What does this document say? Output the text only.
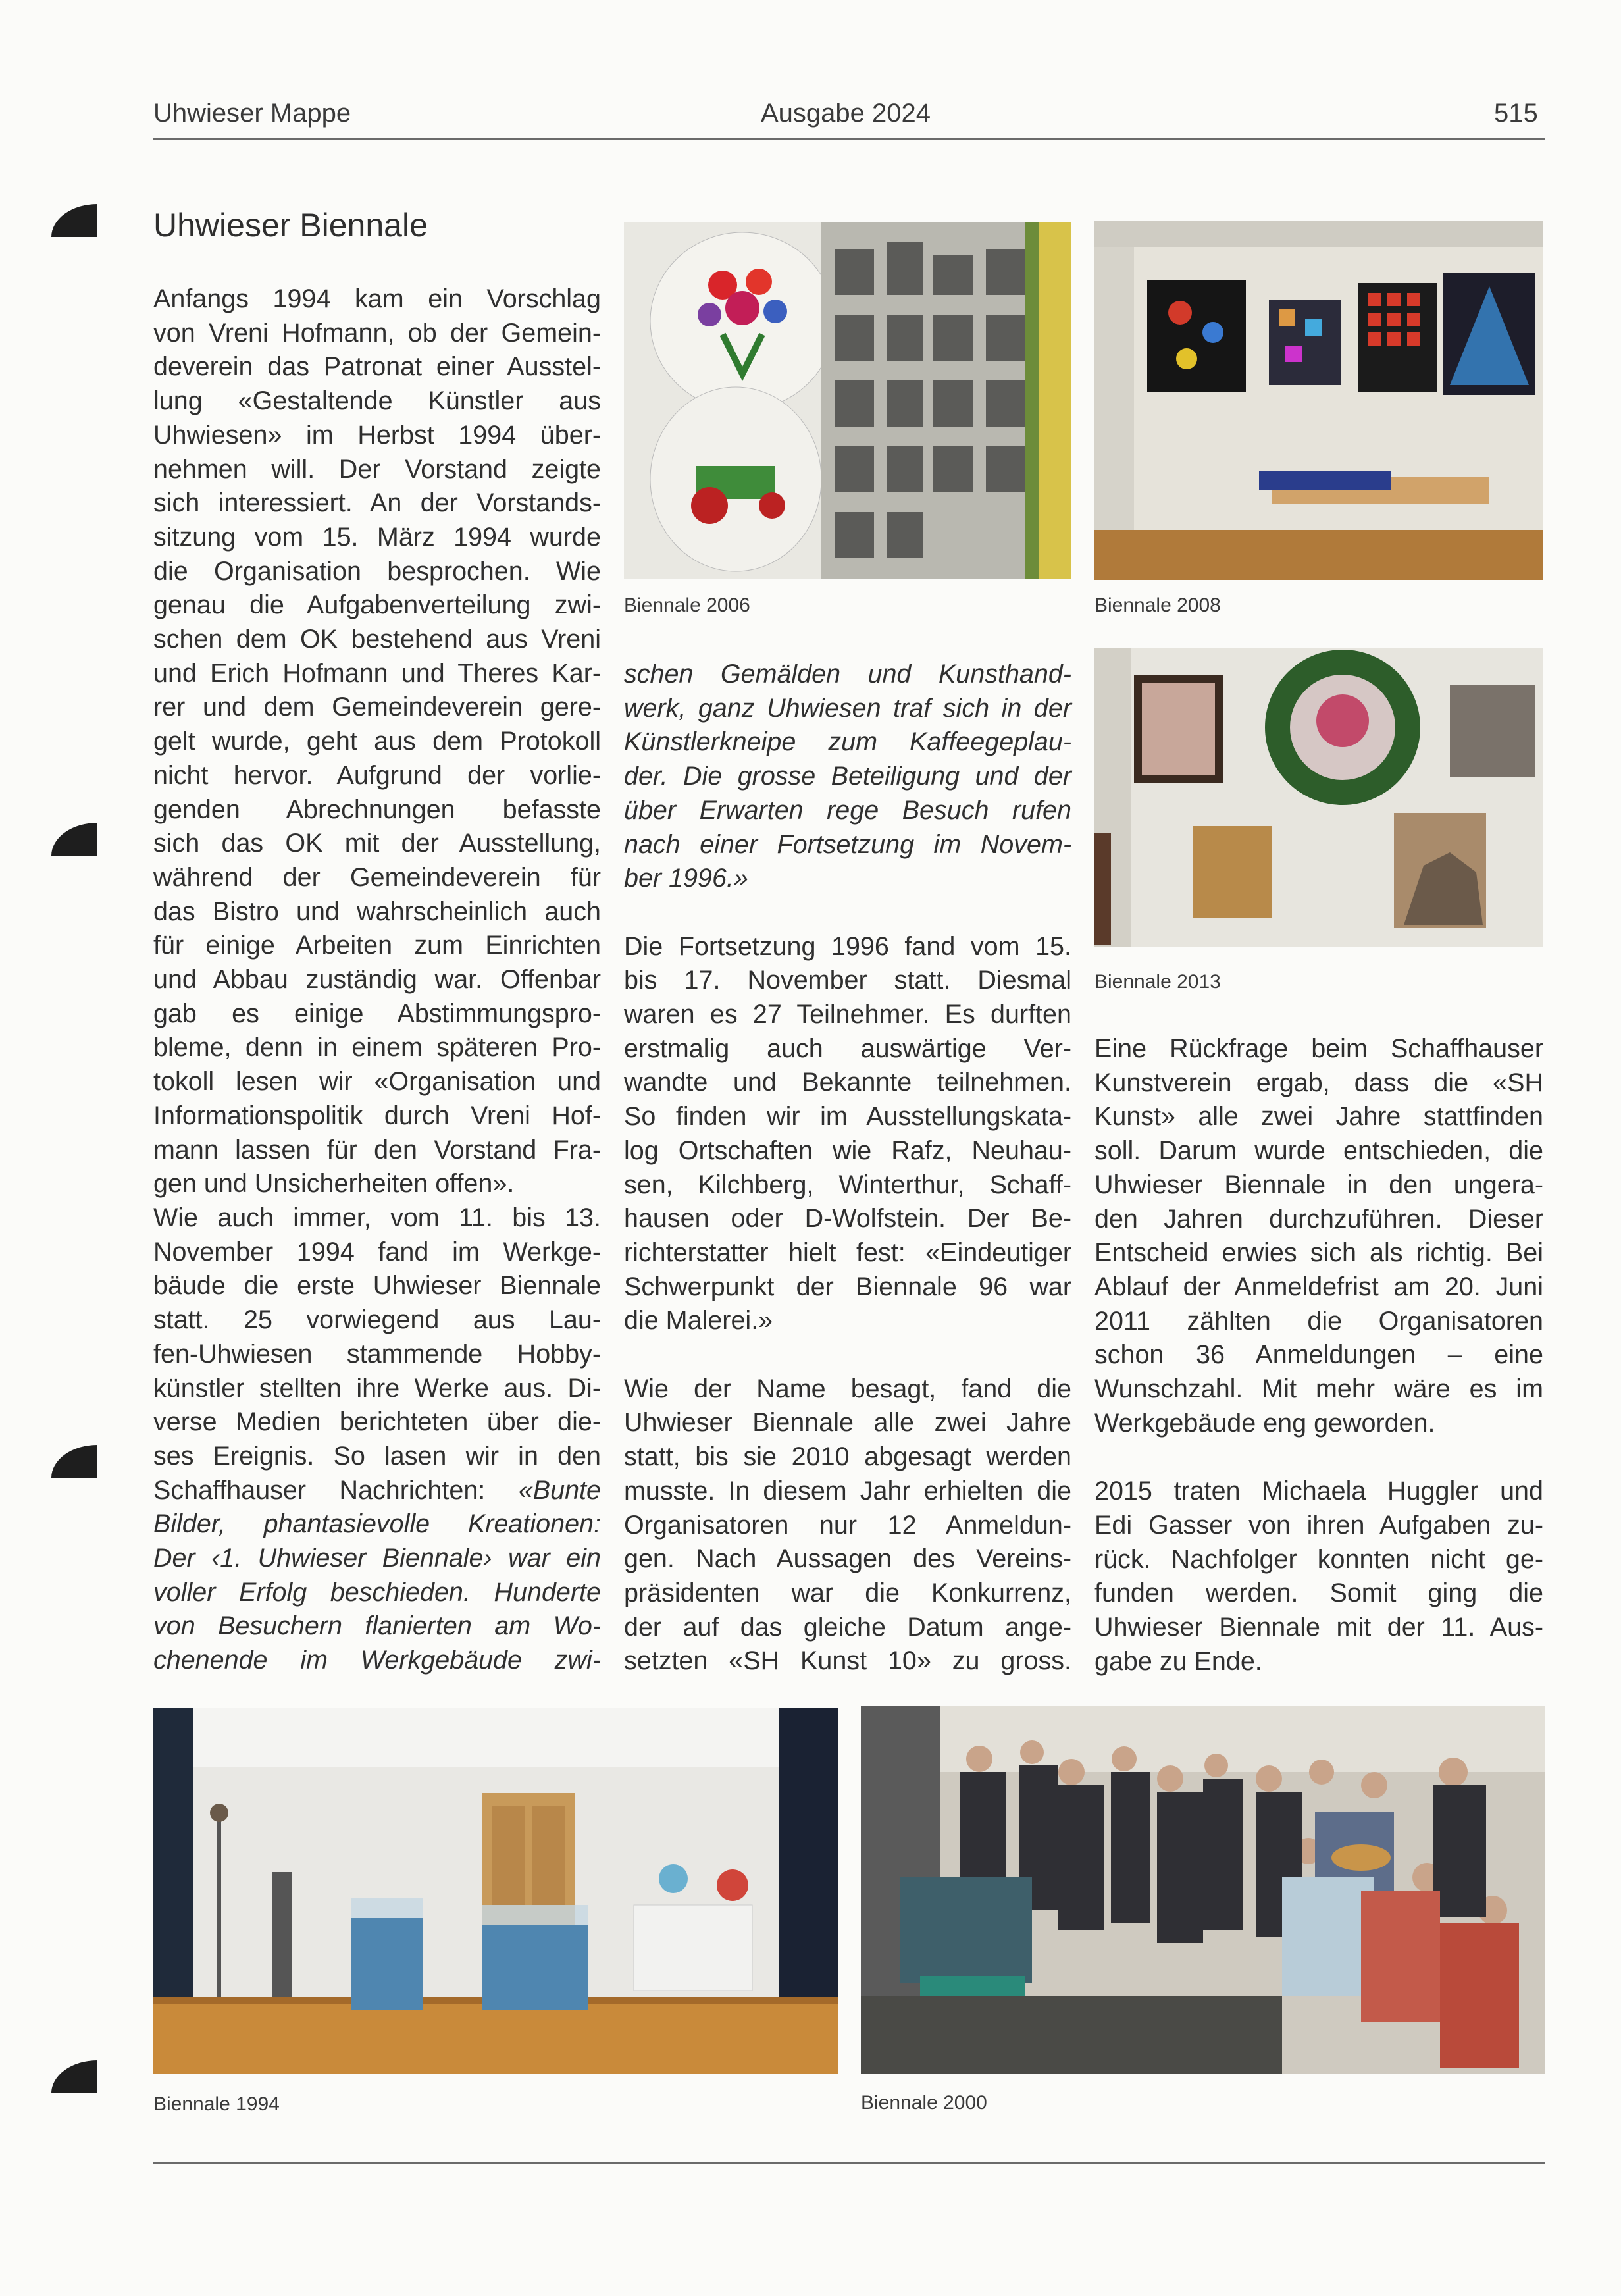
Uhwieser Mappe	Ausgabe 2024	515
Uhwieser Biennale

Anfangs 1994 kam ein Vorschlag

von Vreni Hofmann, ob der Gemein-

deverein das Patronat einer Ausstel-

lung «Gestaltende Künstler aus

Uhwiesen» im Herbst 1994 über-

nehmen will. Der Vorstand zeigte

sich interessiert. An der Vorstands-

sitzung vom 15. März 1994 wurde

die Organisation besprochen. Wie

genau die Aufgabenverteilung zwi-

schen dem OK bestehend aus Vreni

und Erich Hofmann und Theres Kar-

rer und dem Gemeindeverein gere-

gelt wurde, geht aus dem Protokoll

nicht hervor. Aufgrund der vorlie-

genden Abrechnungen befasste

sich das OK mit der Ausstellung,

während der Gemeindeverein für

das Bistro und wahrscheinlich auch

für einige Arbeiten zum Einrichten

und Abbau zuständig war. Offenbar

gab es einige Abstimmungspro-

bleme, denn in einem späteren Pro-

tokoll lesen wir «Organisation und

Informationspolitik durch Vreni Hof-

mann lassen für den Vorstand Fra-

gen und Unsicherheiten offen».

Wie auch immer, vom 11. bis 13.

November 1994 fand im Werkge-

bäude die erste Uhwieser Biennale

statt. 25 vorwiegend aus Lau-

fen-Uhwiesen stammende Hobby-

künstler stellten ihre Werke aus. Di-

verse Medien berichteten über die-

ses Ereignis. So lasen wir in den

Schaffhauser Nachrichten: «Bunte

Bilder, phantasievolle Kreationen:

Der ‹1. Uhwieser Biennale› war ein

voller Erfolg beschieden. Hunderte

von Besuchern flanierten am Wo-

chenende im Werkgebäude zwi-

Biennale 2006	Biennale 2008
Biennale 2013

schen Gemälden und Kunsthand-

werk, ganz Uhwiesen traf sich in der

Künstlerkneipe zum Kaffeegeplau-

der. Die grosse Beteiligung und der

über Erwarten rege Besuch rufen

nach einer Fortsetzung im Novem-

ber 1996.»

Die Fortsetzung 1996 fand vom 15.

bis 17. November statt. Diesmal

waren es 27 Teilnehmer. Es durften

erstmalig auch auswärtige Ver-

wandte und Bekannte teilnehmen.

So finden wir im Ausstellungskata-

log Ortschaften wie Rafz, Neuhau-

sen, Kilchberg, Winterthur, Schaff-

hausen oder D-Wolfstein. Der Be-

richterstatter hielt fest: «Eindeutiger

Schwerpunkt der Biennale 96 war

die Malerei.»

Wie der Name besagt, fand die

Uhwieser Biennale alle zwei Jahre

statt, bis sie 2010 abgesagt werden

musste. In diesem Jahr erhielten die

Organisatoren nur 12 Anmeldun-

gen. Nach Aussagen des Vereins-

präsidenten war die Konkurrenz,

der auf das gleiche Datum ange-

setzten «SH Kunst 10» zu gross.

Eine Rückfrage beim Schaffhauser

Kunstverein ergab, dass die «SH

Kunst» alle zwei Jahre stattfinden

soll. Darum wurde entschieden, die

Uhwieser Biennale in den ungera-

den Jahren durchzuführen. Dieser

Entscheid erwies sich als richtig. Bei

Ablauf der Anmeldefrist am 20. Juni

2011 zählten die Organisatoren

schon 36 Anmeldungen – eine

Wunschzahl. Mit mehr wäre es im

Werkgebäude eng geworden.

2015 traten Michaela Huggler und

Edi Gasser von ihren Aufgaben zu-

rück. Nachfolger konnten nicht ge-

funden werden. Somit ging die

Uhwieser Biennale mit der 11. Aus-

gabe zu Ende.

Biennale 1994	Biennale 2000
